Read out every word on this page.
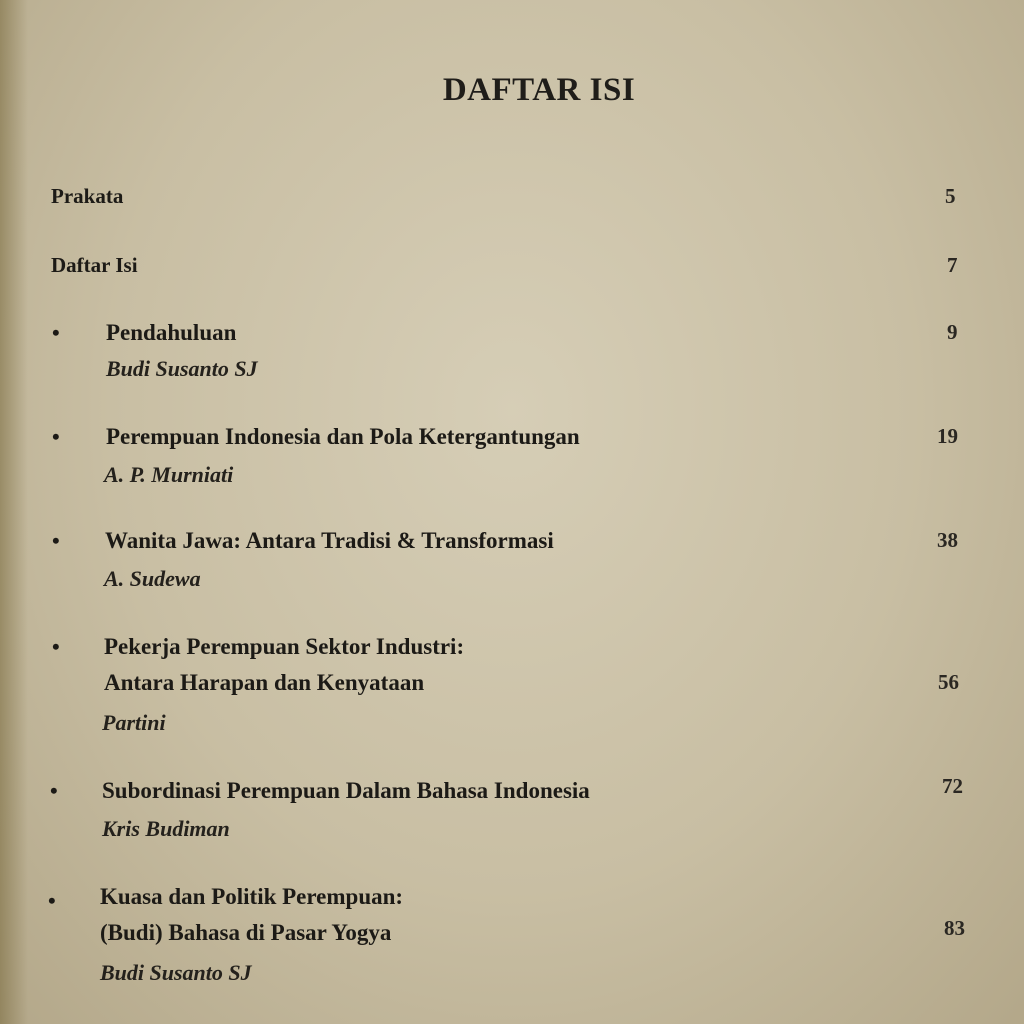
DAFTAR ISI
Prakata	5
Daftar Isi	7
• Pendahuluan
Budi Susanto SJ
9
• Perempuan Indonesia dan Pola Ketergantungan
A. P. Murniati
19
• Wanita Jawa: Antara Tradisi & Transformasi
A. Sudewa
38
• Pekerja Perempuan Sektor Industri:
Antara Harapan dan Kenyataan
Partini
56
• Subordinasi Perempuan Dalam Bahasa Indonesia
Kris Budiman
72
• Kuasa dan Politik Perempuan:
(Budi) Bahasa di Pasar Yogya
Budi Susanto SJ
83
